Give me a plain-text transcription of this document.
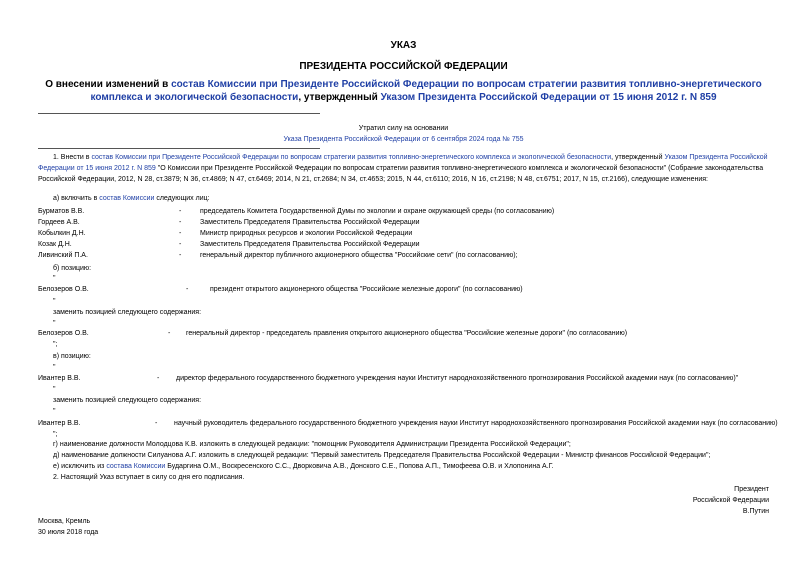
УКАЗ
ПРЕЗИДЕНТА РОССИЙСКОЙ ФЕДЕРАЦИИ
О внесении изменений в состав Комиссии при Президенте Российской Федерации по вопросам стратегии развития топливно-энергетического комплекса и экологической безопасности, утвержденный Указом Президента Российской Федерации от 15 июня 2012 г. N 859
Утратил силу на основании
Указа Президента Российской Федерации от 6 сентября 2024 года № 755
1. Внести в состав Комиссии при Президенте Российской Федерации по вопросам стратегии развития топливно-энергетического комплекса и экологической безопасности, утвержденный Указом Президента Российской Федерации от 15 июня 2012 г. N 859 "О Комиссии при Президенте Российской Федерации по вопросам стратегии развития топливно-энергетического комплекса и экологической безопасности" (Собрание законодательства Российской Федерации, 2012, N 28, ст.3879; N 36, ст.4869; N 47, ст.6469; 2014, N 21, ст.2684; N 34, ст.4653; 2015, N 44, ст.6110; 2016, N 16, ст.2198; N 48, ст.6751; 2017, N 15, ст.2166), следующие изменения:
а) включить в состав Комиссии следующих лиц:
Бурматов В.В.	-	председатель Комитета Государственной Думы по экологии и охране окружающей среды (по согласованию)
Гордеев А.В.	-	Заместитель Председателя Правительства Российской Федерации
Кобылкин Д.Н.	-	Министр природных ресурсов и экологии Российской Федерации
Козак Д.Н.	-	Заместитель Председателя Правительства Российской Федерации
Ливинский П.А.	-	генеральный директор публичного акционерного общества "Российские сети" (по согласованию);
б) позицию:
"
Белозеров О.В.	-	президент открытого акционерного общества "Российские железные дороги" (по согласованию)
"
заменить позицией следующего содержания:
"
Белозеров О.В.	- генеральный директор - председатель правления открытого акционерного общества "Российские железные дороги" (по согласованию)
";
в) позицию:
"
Ивантер В.В.	- директор федерального государственного бюджетного учреждения науки Институт народнохозяйственного прогнозирования Российской академии наук (по согласованию)"
"
заменить позицией следующего содержания:
"
Ивантер В.В.	- научный руководитель федерального государственного бюджетного учреждения науки Институт народнохозяйственного прогнозирования Российской академии наук (по согласованию)
";
г) наименование должности Молодцова К.В. изложить в следующей редакции: "помощник Руководителя Администрации Президента Российской Федерации";
д) наименование должности Силуанова А.Г. изложить в следующей редакции: "Первый заместитель Председателя Правительства Российской Федерации - Министр финансов Российской Федерации";
е) исключить из состава Комиссии Бударгина О.М., Воскресенского С.С., Дворковича А.В., Донского С.Е., Попова А.П., Тимофеева О.В. и Хлопонина А.Г.
2. Настоящий Указ вступает в силу со дня его подписания.
Президент
Российской Федерации
В.Путин
Москва, Кремль
30 июля 2018 года
